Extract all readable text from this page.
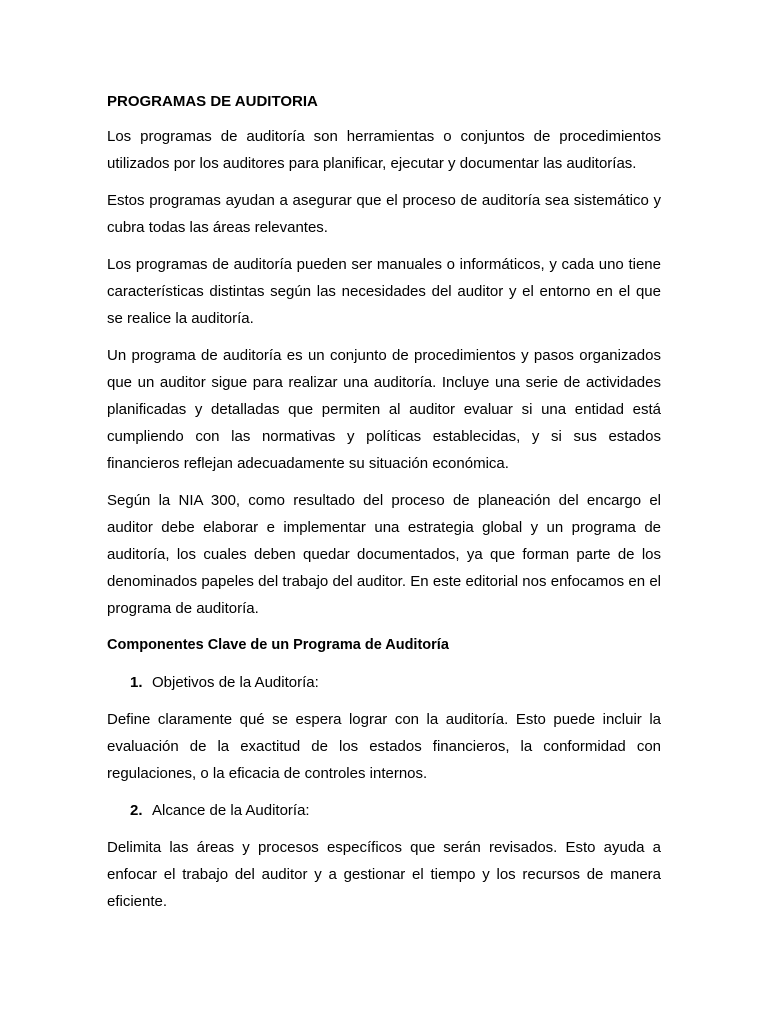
PROGRAMAS DE AUDITORIA

Los programas de auditoría son herramientas o conjuntos de procedimientos utilizados por los auditores para planificar, ejecutar y documentar las auditorías.

Estos programas ayudan a asegurar que el proceso de auditoría sea sistemático y cubra todas las áreas relevantes.

Los programas de auditoría pueden ser manuales o informáticos, y cada uno tiene características distintas según las necesidades del auditor y el entorno en el que se realice la auditoría.

Un programa de auditoría es un conjunto de procedimientos y pasos organizados que un auditor sigue para realizar una auditoría. Incluye una serie de actividades planificadas y detalladas que permiten al auditor evaluar si una entidad está cumpliendo con las normativas y políticas establecidas, y si sus estados financieros reflejan adecuadamente su situación económica.

Según la NIA 300, como resultado del proceso de planeación del encargo el auditor debe elaborar e implementar una estrategia global y un programa de auditoría, los cuales deben quedar documentados, ya que forman parte de los denominados papeles del trabajo del auditor. En este editorial nos enfocamos en el programa de auditoría.

Componentes Clave de un Programa de Auditoría
1. Objetivos de la Auditoría:

Define claramente qué se espera lograr con la auditoría. Esto puede incluir la evaluación de la exactitud de los estados financieros, la conformidad con regulaciones, o la eficacia de controles internos.

2. Alcance de la Auditoría:

Delimita las áreas y procesos específicos que serán revisados. Esto ayuda a enfocar el trabajo del auditor y a gestionar el tiempo y los recursos de manera eficiente.
